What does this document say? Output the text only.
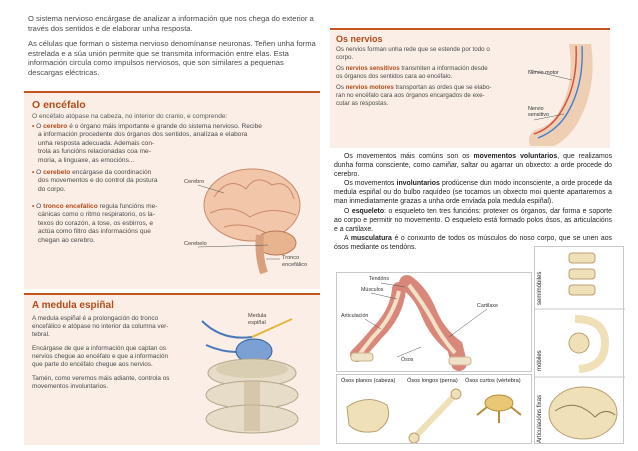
O sistema nervioso encárgase de analizar a información que nos chega do exterior a través dos sentidos e de elaborar unha resposta.

As células que forman o sistema nervioso denomínanse neuronas. Teñen unha forma estrelada e a súa unión permite que se transmita información entre elas. Esta información circula como impulsos nerviosos, que son similares a pequenas descargas eléctricas.

O encéfalo
O encéfalo atópase na cabeza, no interior do cranio, e comprende:
• O cerebro é o órgano máis importante e grande do sistema nervioso. Recibe
a información procedente dos órganos dos sentidos, analízaa e elabora
unha resposta adecuada. Ademais con-
trola as funcións relacionadas coa me-
moria, a linguaxe, as emocións...
• O cerebelo encárgase da coordinación
dos movementos e do control da postura
do corpo.
• O tronco encefálico regula funcións me-
cánicas como o ritmo respiratorio, os la-
texos do corazón, a tose, os esbirros, e
actúa como filtro das informacións que
chegan ao cerebro.
Cerebro
Cerebelo
Tronco
encefálico
A medula espiñal
A medula espiñal é a prolongación do tronco
encefálico e atópase no interior da columna ver-
tebral.
Encárgase de que a información que captan os
nervios chegue ao encéfalo e que a información
que parte do encéfalo chegue aos nervios.
Tamén, como veremos máis adiante, controla os
movementos involuntarios.
Medula
espiñal
Os nervios
Os nervios forman unha rede que se estende por todo o
corpo.
Os nervios sensitivos transmiten a información desde
os órganos dos sentidos cara ao encéfalo.
Os nervios motores transportan as ordes que se elabo-
ran no encéfalo cara aos órganos encargados de exe-
cutar as respostas.
Nervio motor
Nervio
sensitivo

Os movementos máis comúns son os movementos voluntarios, que realizamos dunha forma consciente, como camiñar, saltar ou agarrar un obxecto: a orde procede do cerebro.

Os movementos involuntarios prodúcense dun modo inconsciente, a orde procede da medula espiñal ou do bulbo raquídeo (se tocamos un obxecto moi quente apartaremos a man inmediatamente grazas a unha orde enviada pola medula espiñal).

O esqueleto: o esqueleto ten tres funcións: protexer os órganos, dar forma e soporte ao corpo e permitir no movemento. O esqueleto está formado polos ósos, as articulacións e a cartilaxe.

A musculatura é o conxunto de todos os músculos do noso corpo, que se unen aos ósos mediante os tendóns.

Tendóns
Músculos
Cartilaxe
Articulación
Ósos
Ósos planos (cabeza) Ósos longos (perna) Ósos curtos (vértebra)
semimóbiles
móbiles
Articulacións fixas
